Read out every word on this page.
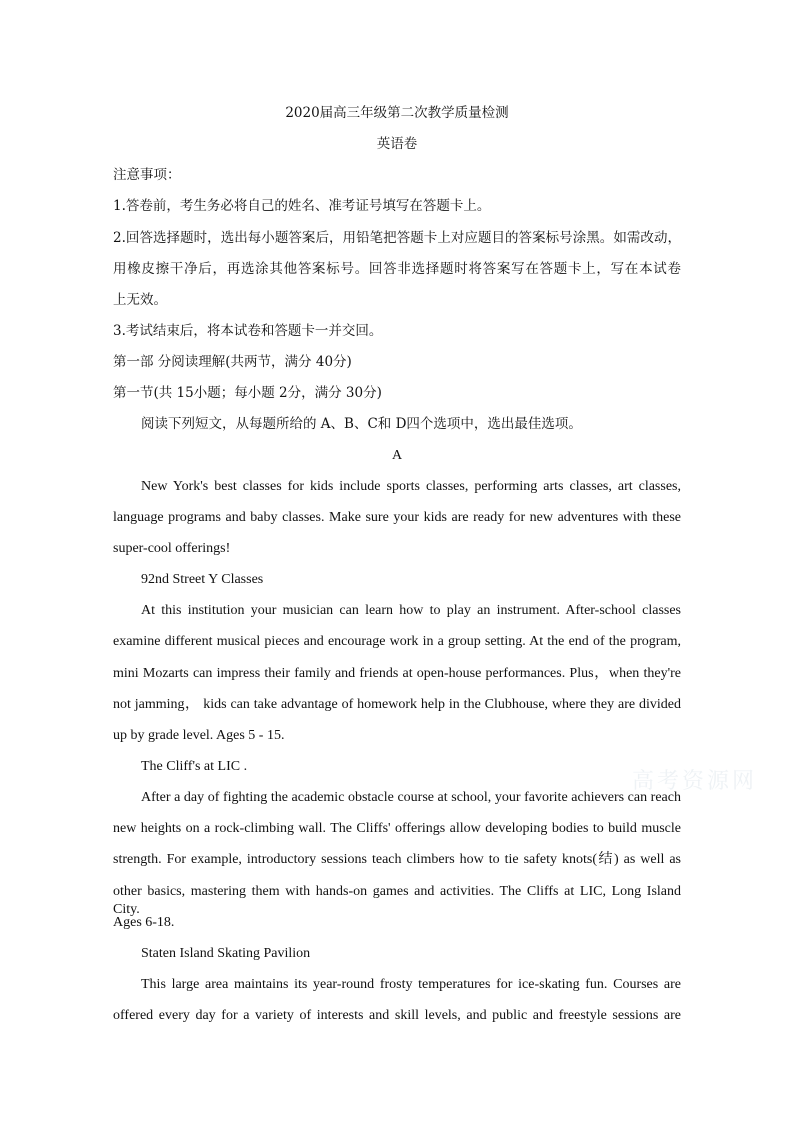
2020届高三年级第二次教学质量检测
英语卷
注意事项：
1.答卷前，考生务必将自己的姓名、准考证号填写在答题卡上。
2.回答选择题时，选出每小题答案后，用铅笔把答题卡上对应题目的答案标号涂黑。如需改动，
用橡皮擦干净后，再选涂其他答案标号。回答非选择题时将答案写在答题卡上，写在本试卷
上无效。
3.考试结束后，将本试卷和答题卡一并交回。
第一部 分阅读理解(共两节，满分 40分)
第一节(共 15小题；每小题 2分，满分 30分)
阅读下列短文，从每题所给的 A、B、C和 D四个选项中，选出最佳选项。
A
New York's best classes for kids include sports classes, performing arts classes, art classes,
language programs and baby classes. Make sure your kids are ready for new adventures with these
super-cool offerings!
92nd Street Y Classes
At this institution your musician can learn how to play an instrument. After-school classes
examine different musical pieces and encourage work in a group setting. At the end of the program,
mini Mozarts can impress their family and friends at open-house performances. Plus，when they're
not jamming， kids can take advantage of homework help in the Clubhouse, where they are divided
up by grade level. Ages 5 - 15.
The Cliff's at LIC .
After a day of fighting the academic obstacle course at school, your favorite achievers can reach
new heights on a rock-climbing wall. The Cliffs' offerings allow developing bodies to build muscle
strength. For example, introductory sessions teach climbers how to tie safety knots(结) as well as
other basics, mastering them with hands-on games and activities. The Cliffs at LIC, Long Island City.
Ages 6-18.
Staten Island Skating Pavilion
This large area maintains its year-round frosty temperatures for ice-skating fun. Courses are
offered every day for a variety of interests and skill levels, and public and freestyle sessions are
高考资源网
